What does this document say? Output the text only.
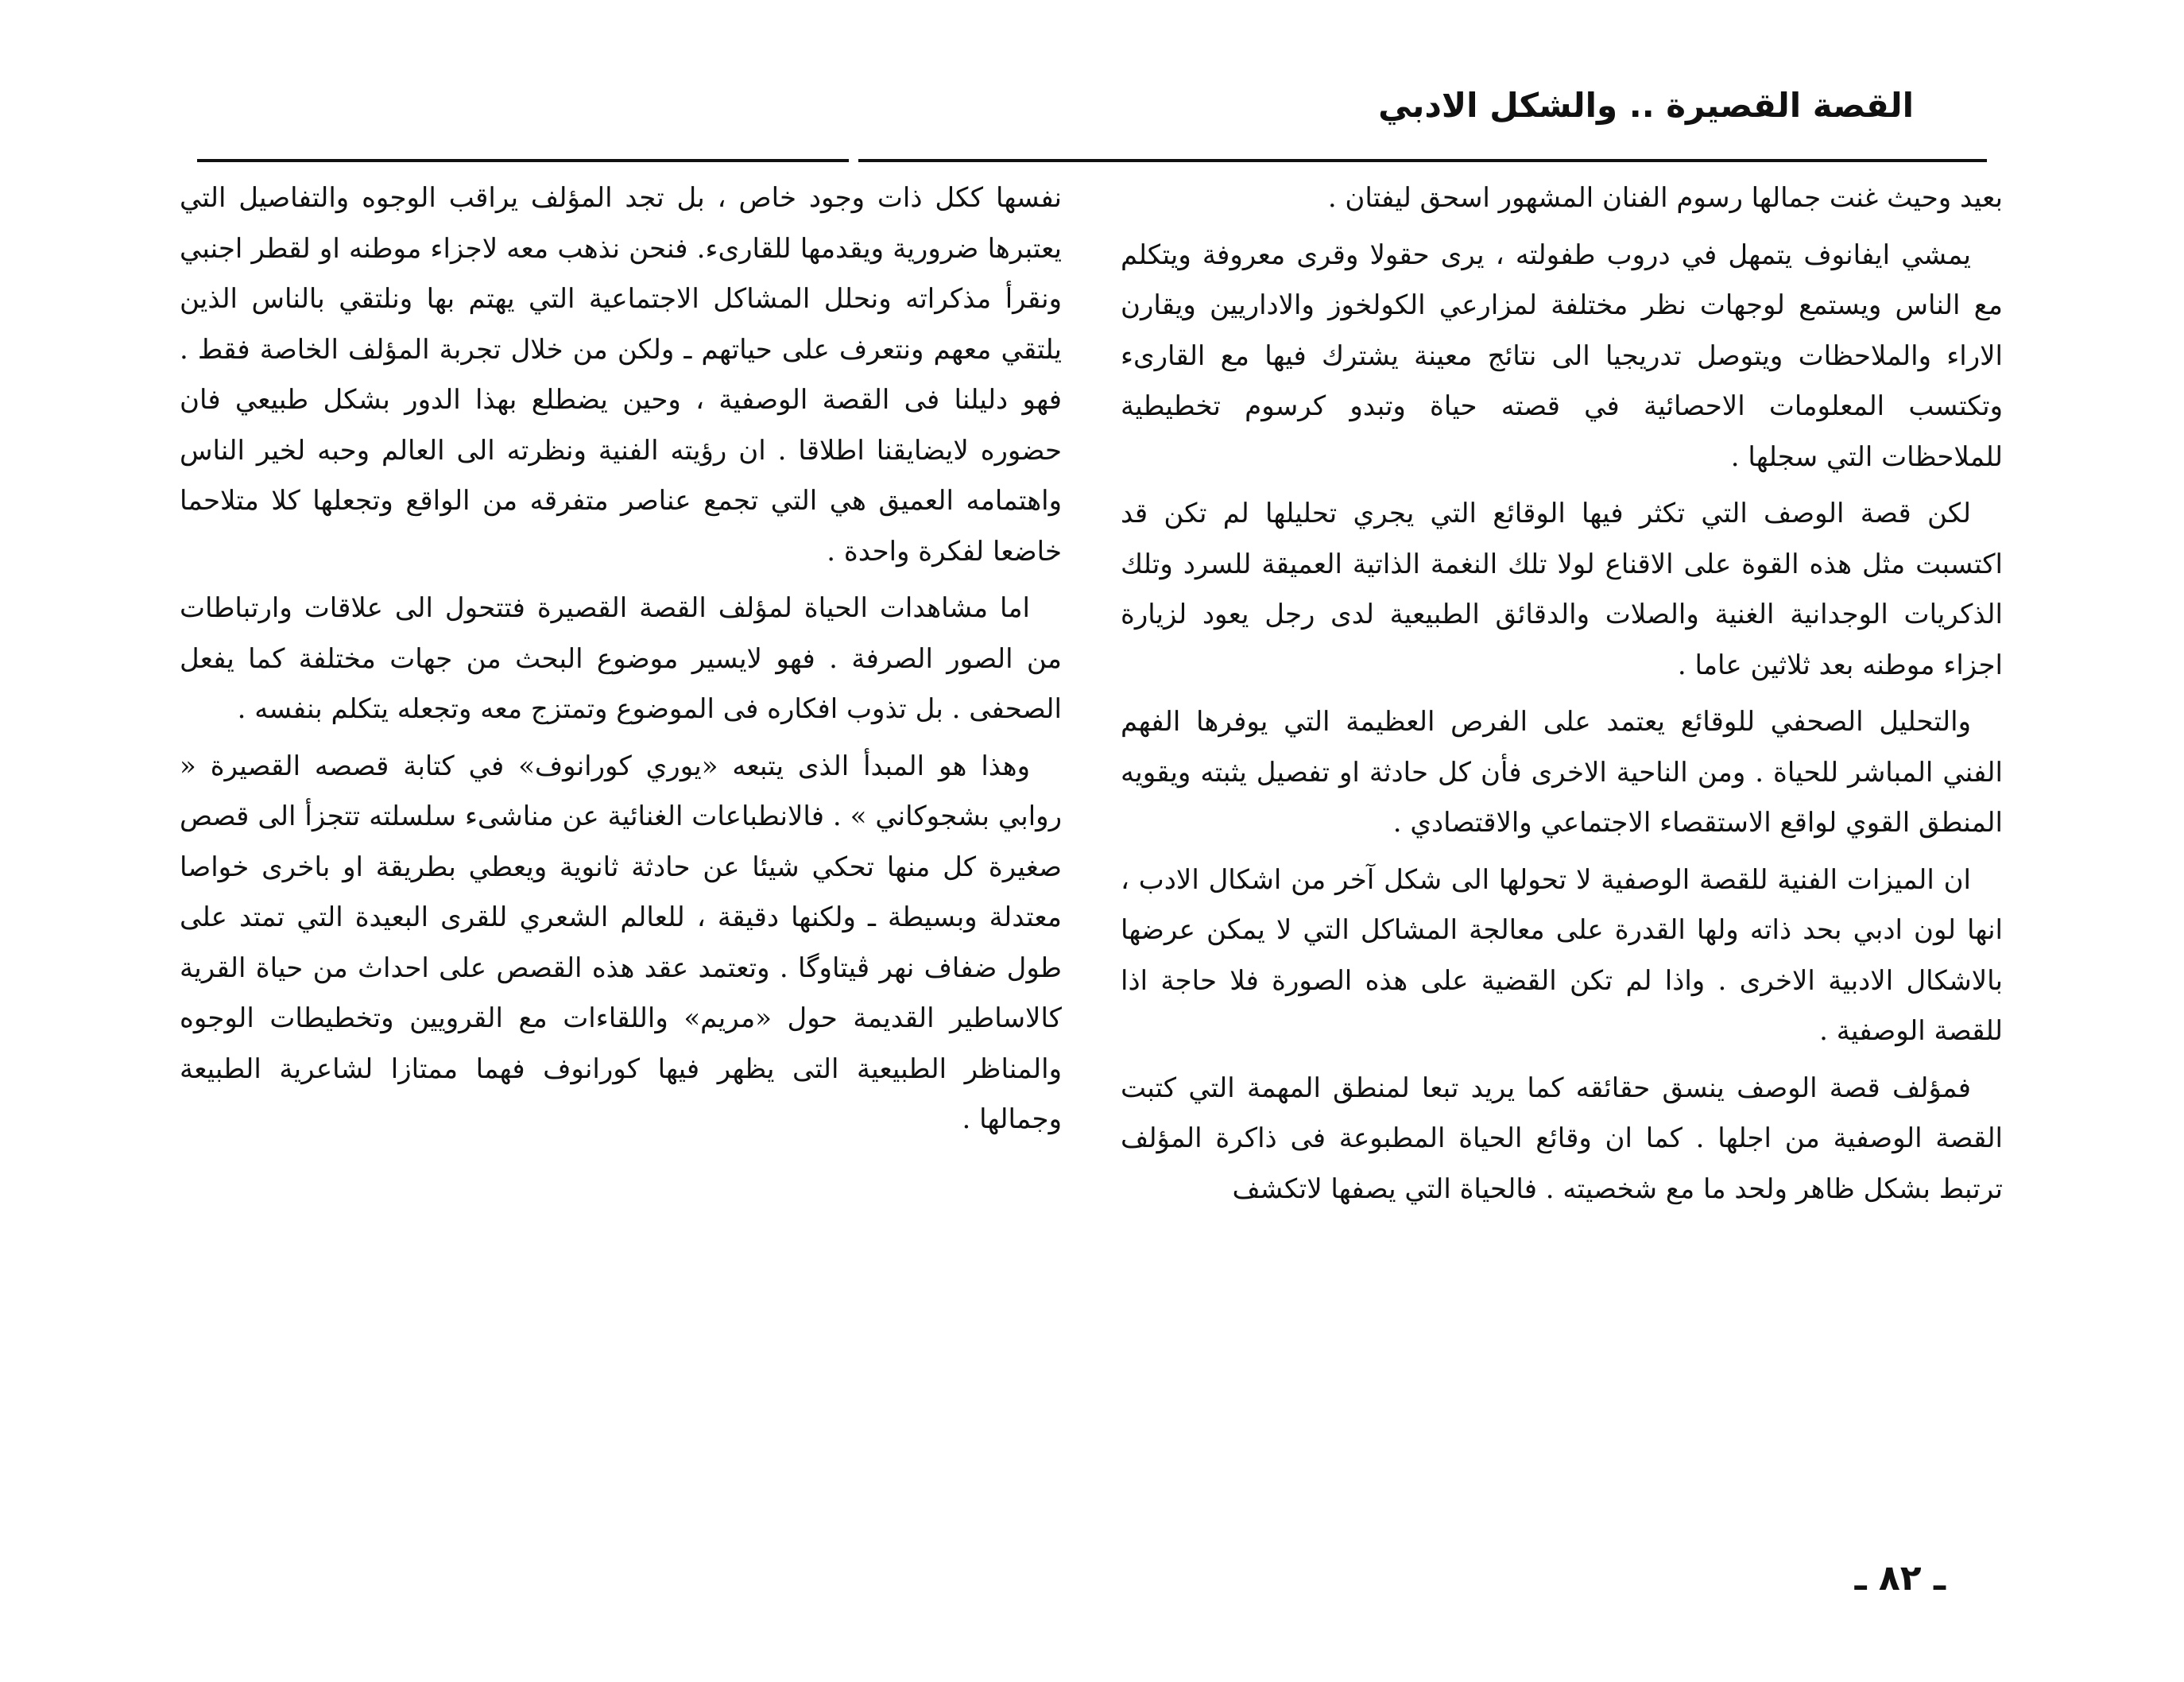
القصة القصيرة .. والشكل الادبي

بعيد وحيث غنت جمالها رسوم الفنان المشهور اسحق ليفتان .

يمشي ايفانوف يتمهل في دروب طفولته ، يرى حقولا وقرى معروفة ويتكلم مع الناس ويستمع لوجهات نظر مختلفة لمزارعي الكولخوز والاداريين ويقارن الاراء والملاحظات ويتوصل تدريجيا الى نتائج معينة يشترك فيها مع القارىء وتكتسب المعلومات الاحصائية في قصته حياة وتبدو كرسوم تخطيطية للملاحظات التي سجلها .

لكن قصة الوصف التي تكثر فيها الوقائع التي يجري تحليلها لم تكن قد اكتسبت مثل هذه القوة على الاقناع لولا تلك النغمة الذاتية العميقة للسرد وتلك الذكريات الوجدانية الغنية والصلات والدقائق الطبيعية لدى رجل يعود لزيارة اجزاء موطنه بعد ثلاثين عاما .

والتحليل الصحفي للوقائع يعتمد على الفرص العظيمة التي يوفرها الفهم الفني المباشر للحياة . ومن الناحية الاخرى فأن كل حادثة او تفصيل يثبته ويقويه المنطق القوي لواقع الاستقصاء الاجتماعي والاقتصادي .

ان الميزات الفنية للقصة الوصفية لا تحولها الى شكل آخر من اشكال الادب ، انها لون ادبي بحد ذاته ولها القدرة على معالجة المشاكل التي لا يمكن عرضها بالاشكال الادبية الاخرى . واذا لم تكن القضية على هذه الصورة فلا حاجة اذا للقصة الوصفية .

فمؤلف قصة الوصف ينسق حقائقه كما يريد تبعا لمنطق المهمة التي كتبت القصة الوصفية من اجلها . كما ان وقائع الحياة المطبوعة فى ذاكرة المؤلف ترتبط بشكل ظاهر ولحد ما مع شخصيته . فالحياة التي يصفها لاتكشف

نفسها ككل ذات وجود خاص ، بل تجد المؤلف يراقب الوجوه والتفاصيل التي يعتبرها ضرورية ويقدمها للقارىء. فنحن نذهب معه لاجزاء موطنه او لقطر اجنبي ونقرأ مذكراته ونحلل المشاكل الاجتماعية التي يهتم بها ونلتقي بالناس الذين يلتقي معهم ونتعرف على حياتهم ـ ولكن من خلال تجربة المؤلف الخاصة فقط . فهو دليلنا فى القصة الوصفية ، وحين يضطلع بهذا الدور بشكل طبيعي فان حضوره لايضايقنا اطلاقا . ان رؤيته الفنية ونظرته الى العالم وحبه لخير الناس واهتمامه العميق هي التي تجمع عناصر متفرقه من الواقع وتجعلها كلا متلاحما خاضعا لفكرة واحدة .

اما مشاهدات الحياة لمؤلف القصة القصيرة فتتحول الى علاقات وارتباطات من الصور الصرفة . فهو لايسير موضوع البحث من جهات مختلفة كما يفعل الصحفى . بل تذوب افكاره فى الموضوع وتمتزج معه وتجعله يتكلم بنفسه .

وهذا هو المبدأ الذى يتبعه «يوري كورانوف» في كتابة قصصه القصيرة « روابي بشجوكاني » . فالانطباعات الغنائية عن مناشىء سلسلته تتجزأ الى قصص صغيرة كل منها تحكي شيئا عن حادثة ثانوية ويعطي بطريقة او باخرى خواصا معتدلة وبسيطة ـ ولكنها دقيقة ، للعالم الشعري للقرى البعيدة التي تمتد على طول ضفاف نهر ڤيتاوگا . وتعتمد عقد هذه القصص على احداث من حياة القرية كالاساطير القديمة حول «مريم» واللقاءات مع القرويين وتخطيطات الوجوه والمناظر الطبيعية التى يظهر فيها كورانوف فهما ممتازا لشاعرية الطبيعة وجمالها .

ـ ٨٢ ـ
